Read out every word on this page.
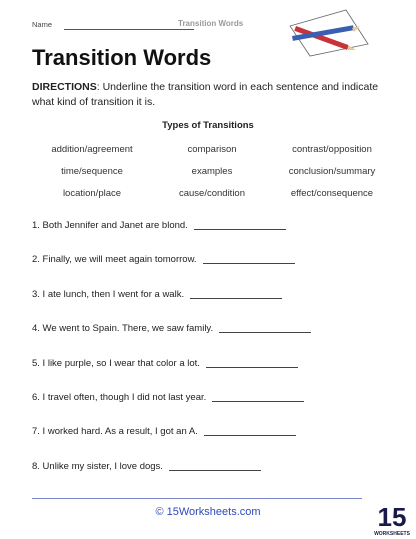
Name	Transition Words
Transition Words

DIRECTIONS: Underline the transition word in each sentence and indicate what kind of transition it is.

Types of Transitions
addition/agreement	comparison	contrast/opposition
time/sequence	examples	conclusion/summary
location/place	cause/condition	effect/consequence
1. Both Jennifer and Janet are blond.
2. Finally, we will meet again tomorrow.
3. I ate lunch, then I went for a walk.
4. We went to Spain. There, we saw family.
5. I like purple, so I wear that color a lot.
6. I travel often, though I did not last year.
7. I worked hard. As a result, I got an A.
8. Unlike my sister, I love dogs.
© 15Worksheets.com	15
WORKSHEETS
